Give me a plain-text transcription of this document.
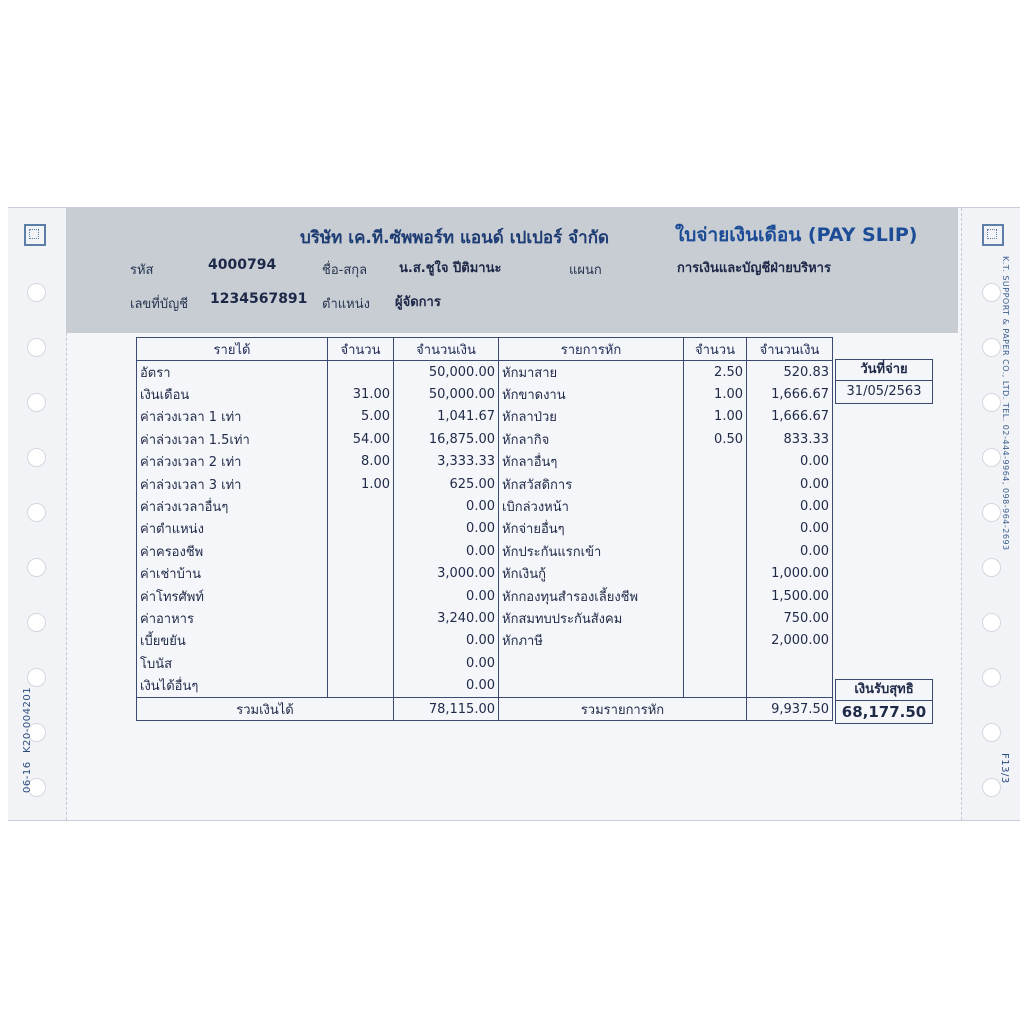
K20-004201
06-16
K.T. SUPPORT & PAPER CO., LTD. TEL. 02-444-9964, 098-964-2693
F13/3
บริษัท เค.ที.ซัพพอร์ท แอนด์ เปเปอร์ จำกัด	ใบจ่ายเงินเดือน (PAY SLIP)
รหัส	4000794	ชื่อ-สกุล น.ส.ชูใจ ปีติมานะ	แผนก	การเงินและบัญชีฝ่ายบริหาร
เลขที่บัญชี 1234567891 ตำแหน่ง ผู้จัดการ
รายได้	จำนวน	จำนวนเงิน	รายการหัก	จำนวน	จำนวนเงิน
อัตรา		50,000.00	หักมาสาย	2.50	520.83
เงินเดือน	31.00	50,000.00	หักขาดงาน	1.00	1,666.67
ค่าล่วงเวลา 1 เท่า	5.00	1,041.67	หักลาป่วย	1.00	1,666.67
ค่าล่วงเวลา 1.5เท่า	54.00	16,875.00	หักลากิจ	0.50	833.33
ค่าล่วงเวลา 2 เท่า	8.00	3,333.33	หักลาอื่นๆ		0.00
ค่าล่วงเวลา 3 เท่า	1.00	625.00	หักสวัสดิการ		0.00
ค่าล่วงเวลาอื่นๆ		0.00	เบิกล่วงหน้า		0.00
ค่าตำแหน่ง		0.00	หักจ่ายอื่นๆ		0.00
ค่าครองชีพ		0.00	หักประกันแรกเข้า		0.00
ค่าเช่าบ้าน		3,000.00	หักเงินกู้		1,000.00
ค่าโทรศัพท์		0.00	หักกองทุนสำรองเลี้ยงชีพ		1,500.00
ค่าอาหาร		3,240.00	หักสมทบประกันสังคม		750.00
เบี้ยขยัน		0.00	หักภาษี		2,000.00
โบนัส		0.00			
เงินได้อื่นๆ		0.00			
รวมเงินได้		78,115.00	รวมรายการหัก		9,937.50
วันที่จ่าย
31/05/2563
เงินรับสุทธิ
68,177.50
